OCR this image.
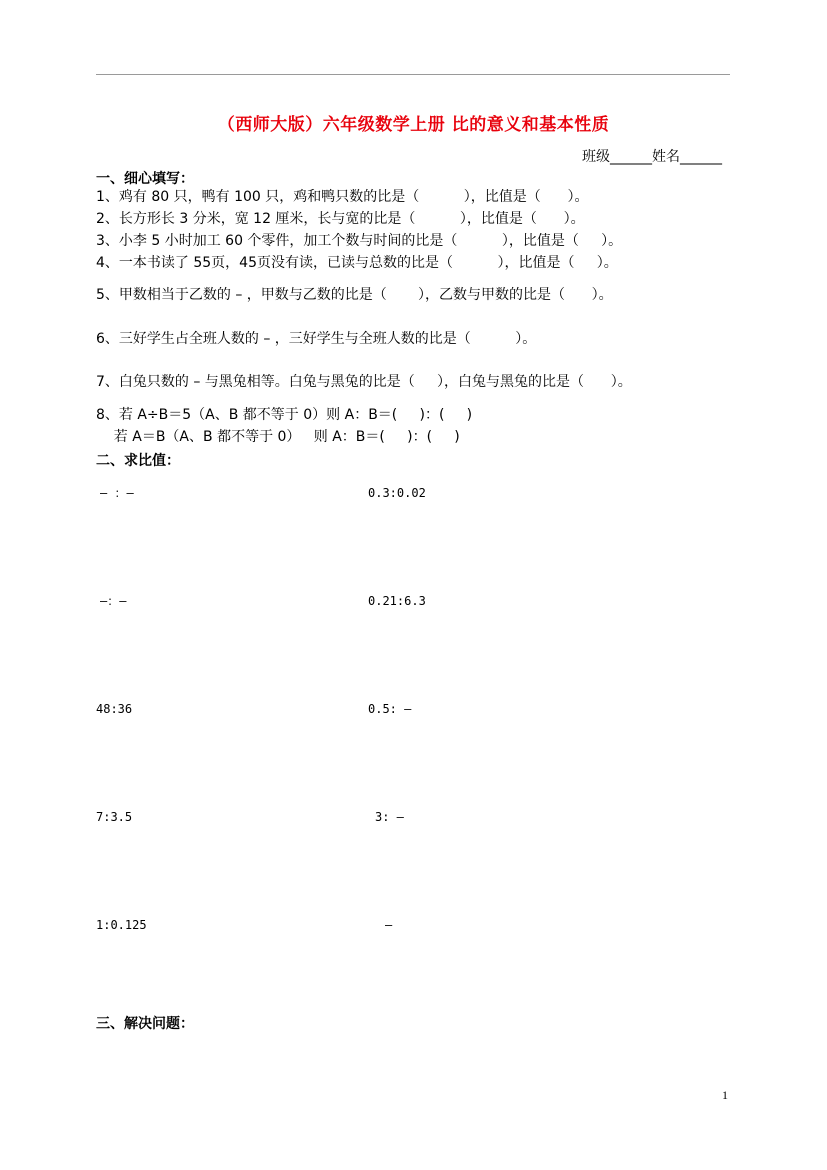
（西师大版）六年级数学上册 比的意义和基本性质
班级______姓名______
一、细心填写：
1、鸡有 80 只，鸭有 100 只，鸡和鸭只数的比是（          ），比值是（      ）。
2、长方形长 3 分米，宽 12 厘米，长与宽的比是（          ），比值是（      ）。
3、小李 5 小时加工 60 个零件，加工个数与时间的比是（          ），比值是（     ）。
4、一本书读了 55页，45页没有读，已读与总数的比是（          ），比值是（     ）。
5、甲数相当于乙数的 – ，甲数与乙数的比是（       ），乙数与甲数的比是（      ）。
6、三好学生占全班人数的 – ，三好学生与全班人数的比是（          ）。
7、白兔只数的 – 与黑兔相等。白兔与黑兔的比是（     ），白兔与黑兔的比是（      ）。
8、若 A÷B＝5（A、B 都不等于 0）则 A：B＝(     )：(     )
若 A＝B（A、B 都不等于 0）   则 A：B＝(     )：(     )
二、求比值：
– ：–	0.3:0.02
—：—	0.21:6.3
48:36	0.5: –
7:3.5	3: —
1:0.125	—
三、解决问题：
1
